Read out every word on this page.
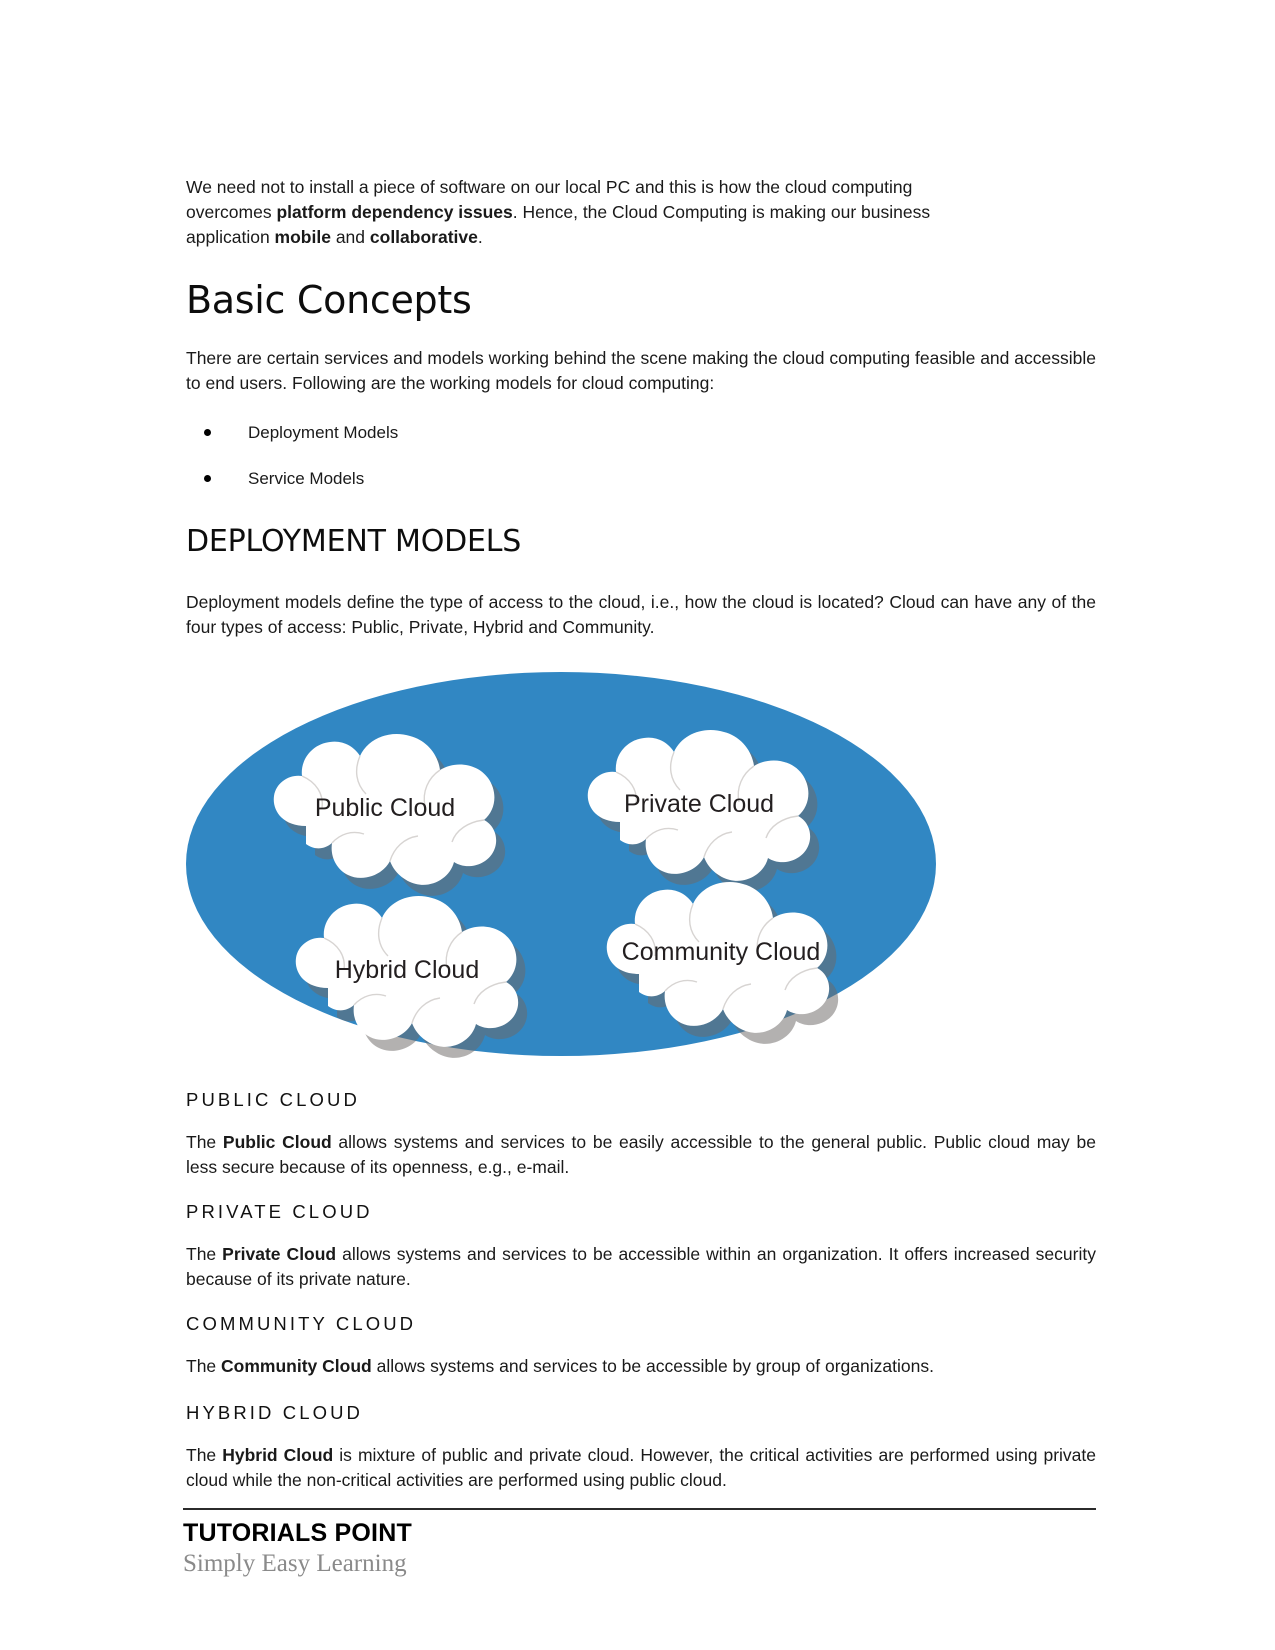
We need not to install a piece of software on our local PC and this is how the cloud computing overcomes platform dependency issues. Hence, the Cloud Computing is making our business application mobile and collaborative.

Basic Concepts

There are certain services and models working behind the scene making the cloud computing feasible and accessible to end users. Following are the working models for cloud computing:

Deployment Models
Service Models
DEPLOYMENT MODELS

Deployment models define the type of access to the cloud, i.e., how the cloud is located? Cloud can have any of the four types of access: Public, Private, Hybrid and Community.

Public Cloud	Private Cloud
Hybrid Cloud
Community Cloud
PUBLIC CLOUD

The Public Cloud allows systems and services to be easily accessible to the general public. Public cloud may be less secure because of its openness, e.g., e-mail.

PRIVATE CLOUD

The Private Cloud allows systems and services to be accessible within an organization. It offers increased security because of its private nature.

COMMUNITY CLOUD

The Community Cloud allows systems and services to be accessible by group of organizations.

HYBRID CLOUD

The Hybrid Cloud is mixture of public and private cloud. However, the critical activities are performed using private cloud while the non-critical activities are performed using public cloud.

TUTORIALS POINT
Simply Easy Learning
